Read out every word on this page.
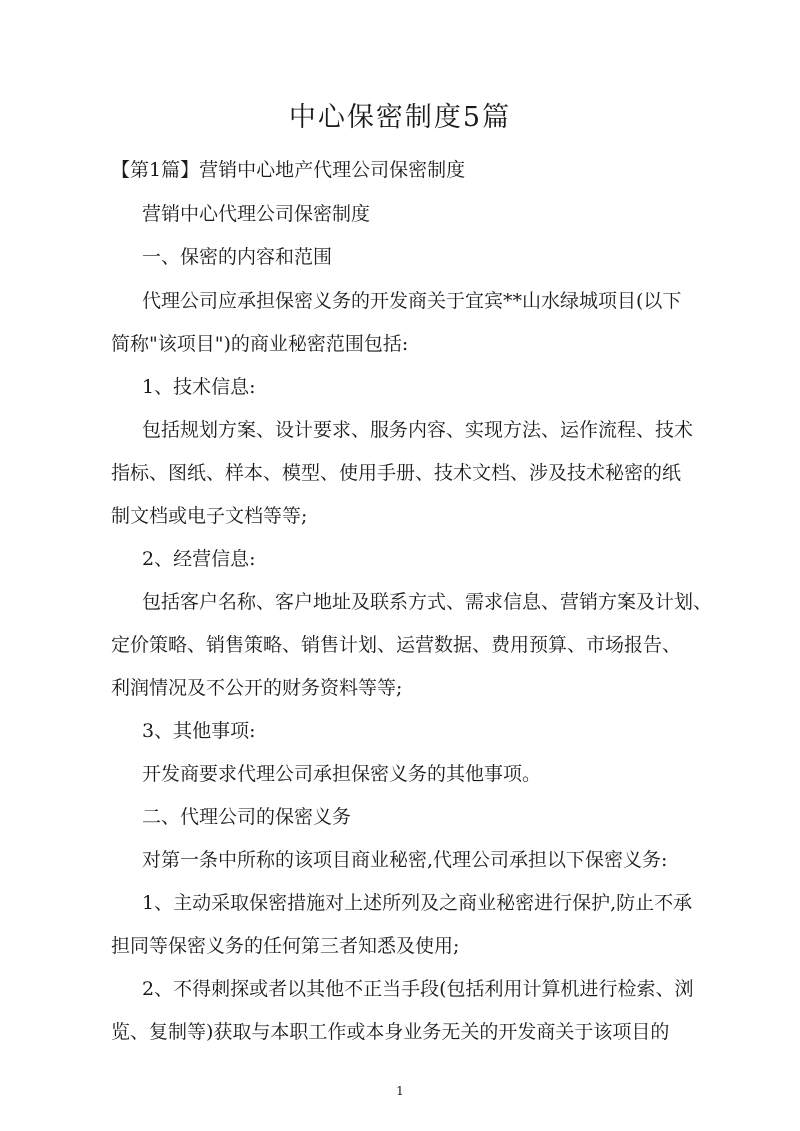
中心保密制度5篇

【第1篇】营销中心地产代理公司保密制度

营销中心代理公司保密制度

一、保密的内容和范围

代理公司应承担保密义务的开发商关于宜宾**山水绿城项目(以下

简称"该项目")的商业秘密范围包括:

1、技术信息:

包括规划方案、设计要求、服务内容、实现方法、运作流程、技术

指标、图纸、样本、模型、使用手册、技术文档、涉及技术秘密的纸

制文档或电子文档等等;

2、经营信息:

包括客户名称、客户地址及联系方式、需求信息、营销方案及计划、

定价策略、销售策略、销售计划、运营数据、费用预算、市场报告、

利润情况及不公开的财务资料等等;

3、其他事项:

开发商要求代理公司承担保密义务的其他事项。

二、代理公司的保密义务

对第一条中所称的该项目商业秘密,代理公司承担以下保密义务:

1、主动采取保密措施对上述所列及之商业秘密进行保护,防止不承

担同等保密义务的任何第三者知悉及使用;

2、不得刺探或者以其他不正当手段(包括利用计算机进行检索、浏

览、复制等)获取与本职工作或本身业务无关的开发商关于该项目的

1
